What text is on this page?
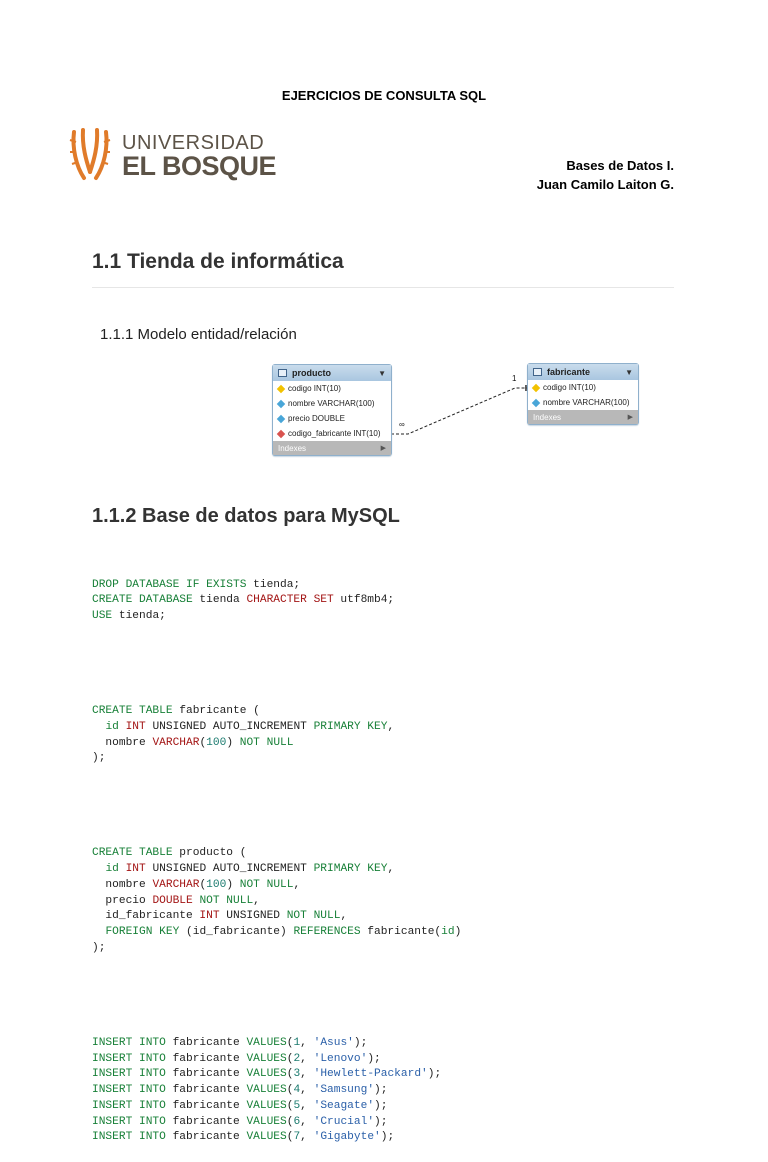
EJERCICIOS DE CONSULTA SQL
UNIVERSIDAD
EL BOSQUE	Bases de Datos I.
Juan Camilo Laiton G.
1.1 Tienda de informática
1.1.1 Modelo entidad/relación
∞
1
producto	▼
codigo INT(10)
nombre VARCHAR(100)
precio DOUBLE
codigo_fabricante INT(10)
Indexes	▶
fabricante	▼
codigo INT(10)
nombre VARCHAR(100)
Indexes	▶
1.1.2 Base de datos para MySQL

DROP DATABASE IF EXISTS tienda;
CREATE DATABASE tienda CHARACTER SET utf8mb4;
USE tienda;

CREATE TABLE fabricante (
id INT UNSIGNED AUTO_INCREMENT PRIMARY KEY,
nombre VARCHAR(100) NOT NULL
);

CREATE TABLE producto (
id INT UNSIGNED AUTO_INCREMENT PRIMARY KEY,
nombre VARCHAR(100) NOT NULL,
precio DOUBLE NOT NULL,
id_fabricante INT UNSIGNED NOT NULL,
FOREIGN KEY (id_fabricante) REFERENCES fabricante(id)
);

INSERT INTO fabricante VALUES(1, 'Asus');
INSERT INTO fabricante VALUES(2, 'Lenovo');
INSERT INTO fabricante VALUES(3, 'Hewlett-Packard');
INSERT INTO fabricante VALUES(4, 'Samsung');
INSERT INTO fabricante VALUES(5, 'Seagate');
INSERT INTO fabricante VALUES(6, 'Crucial');
INSERT INTO fabricante VALUES(7, 'Gigabyte');
